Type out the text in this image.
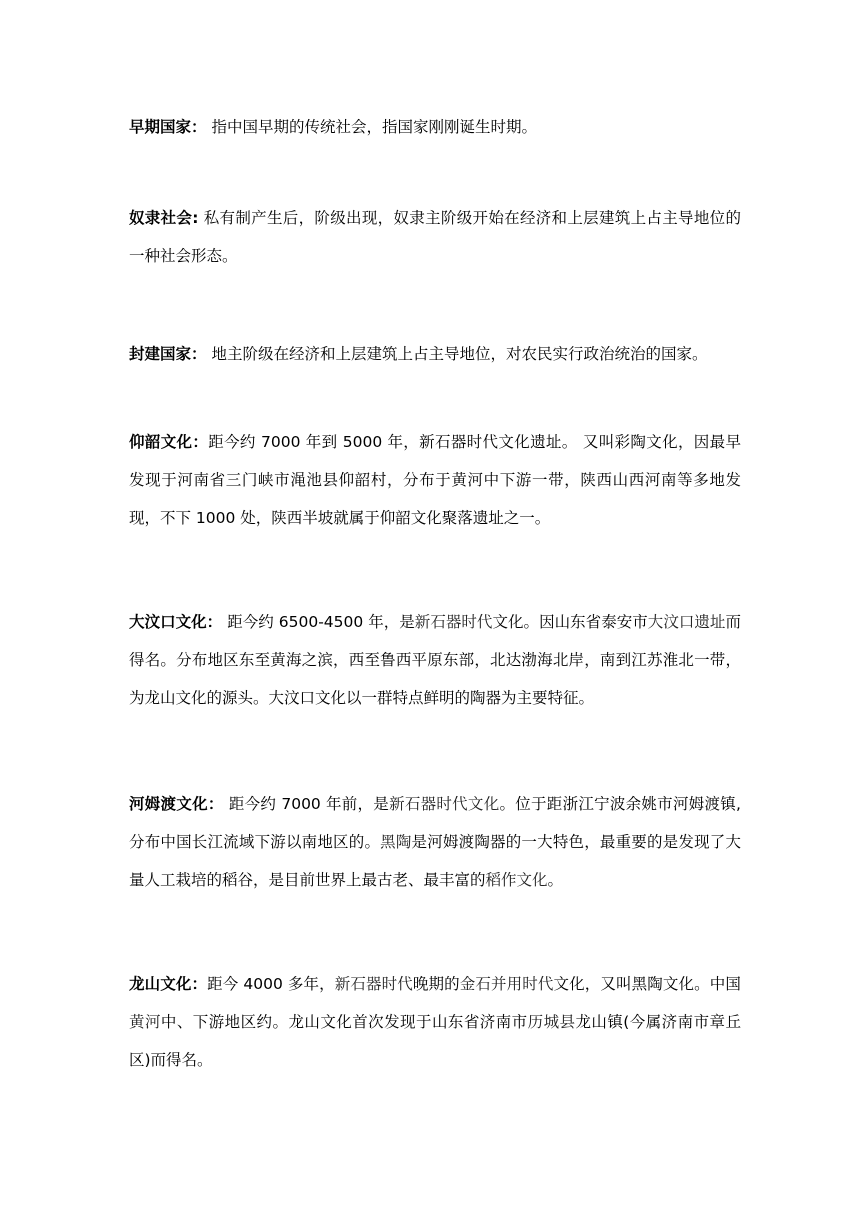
早期国家： 指中国早期的传统社会，指国家刚刚诞生时期。

奴隶社会: 私有制产生后，阶级出现，奴隶主阶级开始在经济和上层建筑上占主导地位的一种社会形态。

封建国家： 地主阶级在经济和上层建筑上占主导地位，对农民实行政治统治的国家。

仰韶文化：距今约 7000 年到 5000 年，新石器时代文化遗址。 又叫彩陶文化，因最早发现于河南省三门峡市渑池县仰韶村，分布于黄河中下游一带，陕西山西河南等多地发现，不下 1000 处，陕西半坡就属于仰韶文化聚落遗址之一。

大汶口文化： 距今约 6500-4500 年，是新石器时代文化。因山东省泰安市大汶口遗址而得名。分布地区东至黄海之滨，西至鲁西平原东部，北达渤海北岸，南到江苏淮北一带，为龙山文化的源头。大汶口文化以一群特点鲜明的陶器为主要特征。

河姆渡文化： 距今约 7000 年前，是新石器时代文化。位于距浙江宁波余姚市河姆渡镇,分布中国长江流域下游以南地区的。黑陶是河姆渡陶器的一大特色，最重要的是发现了大量人工栽培的稻谷，是目前世界上最古老、最丰富的稻作文化。

龙山文化：距今 4000 多年，新石器时代晚期的金石并用时代文化，又叫黑陶文化。中国黄河中、下游地区约。龙山文化首次发现于山东省济南市历城县龙山镇(今属济南市章丘区)而得名。
